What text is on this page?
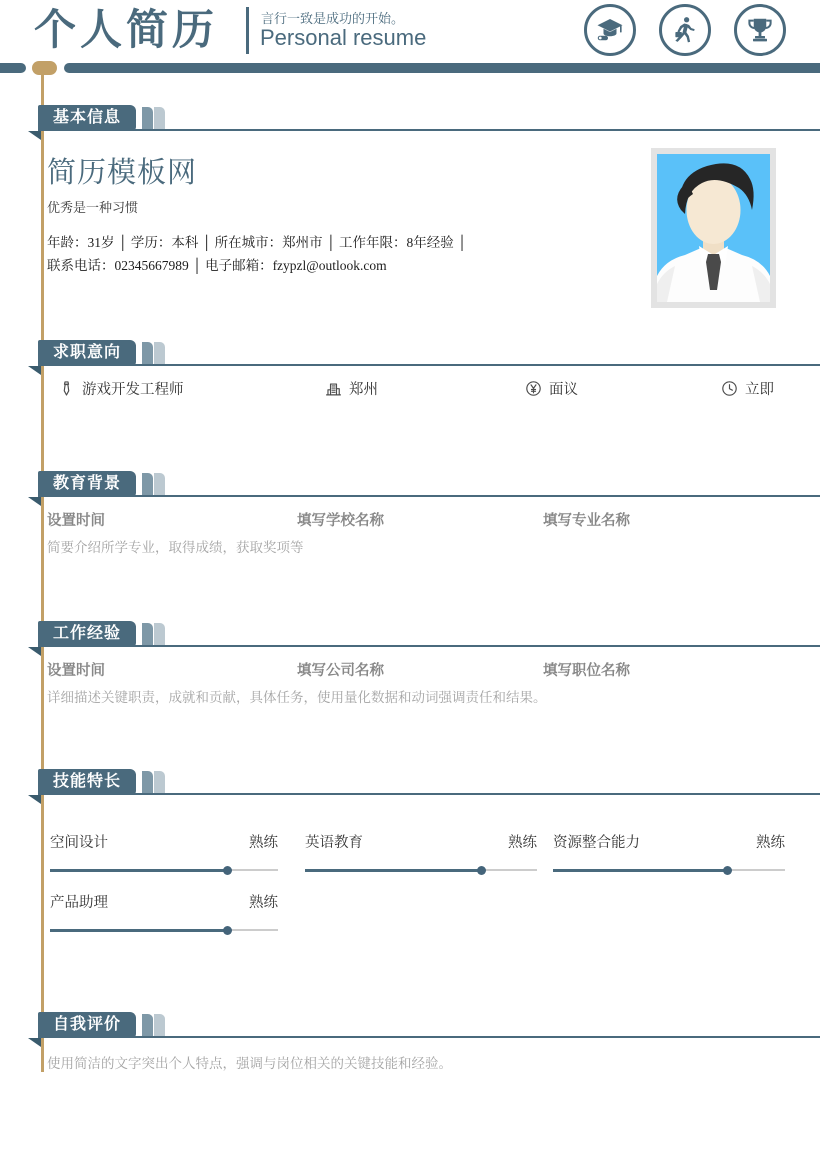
个人简历	言行一致是成功的开始。
Personal resume
基本信息
简历模板网
优秀是一种习惯
年龄：31岁 │ 学历：本科 │ 所在城市：郑州市 │ 工作年限：8年经验 │
联系电话：02345667989 │ 电子邮箱：fzypzl@outlook.com
求职意向
游戏开发工程师	郑州	面议	立即
教育背景
设置时间	填写学校名称	填写专业名称
简要介绍所学专业，取得成绩，获取奖项等
工作经验
设置时间	填写公司名称	填写职位名称
详细描述关键职责，成就和贡献，具体任务，使用量化数据和动词强调责任和结果。
技能特长
空间设计	熟练 英语教育	熟练 资源整合能力	熟练
产品助理	熟练
自我评价
使用简洁的文字突出个人特点，强调与岗位相关的关键技能和经验。
